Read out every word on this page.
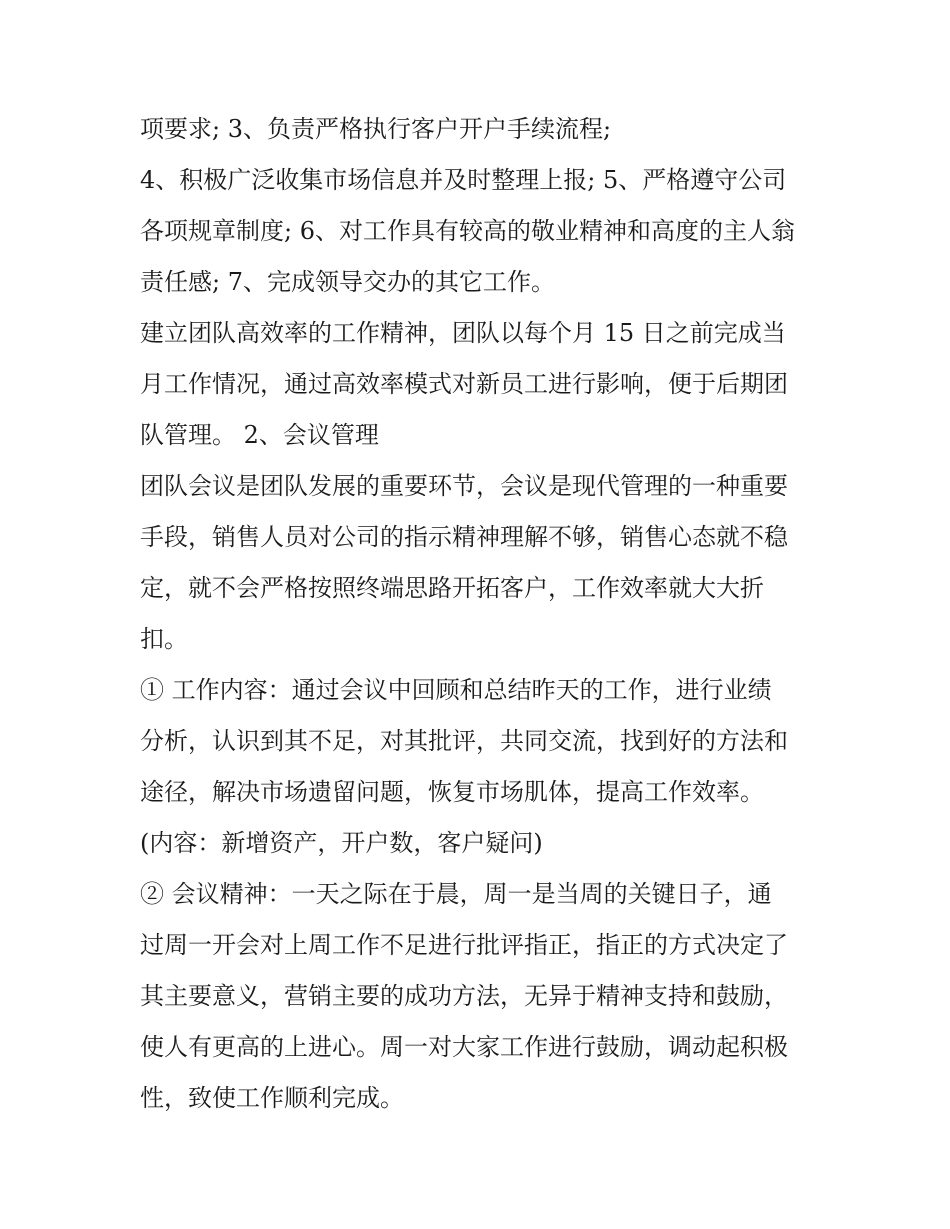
项要求; 3、负责严格执行客户开户手续流程;
4、积极广泛收集市场信息并及时整理上报; 5、严格遵守公司
各项规章制度; 6、对工作具有较高的敬业精神和高度的主人翁
责任感; 7、完成领导交办的其它工作。
建立团队高效率的工作精神，团队以每个月 15 日之前完成当
月工作情况，通过高效率模式对新员工进行影响，便于后期团
队管理。 2、会议管理
团队会议是团队发展的重要环节，会议是现代管理的一种重要
手段，销售人员对公司的指示精神理解不够，销售心态就不稳
定，就不会严格按照终端思路开拓客户，工作效率就大大折
扣。
① 工作内容：通过会议中回顾和总结昨天的工作，进行业绩
分析，认识到其不足，对其批评，共同交流，找到好的方法和
途径，解决市场遗留问题，恢复市场肌体，提高工作效率。
(内容：新增资产，开户数，客户疑问)
② 会议精神：一天之际在于晨，周一是当周的关键日子，通
过周一开会对上周工作不足进行批评指正，指正的方式决定了
其主要意义，营销主要的成功方法，无异于精神支持和鼓励，
使人有更高的上进心。周一对大家工作进行鼓励，调动起积极
性，致使工作顺利完成。
